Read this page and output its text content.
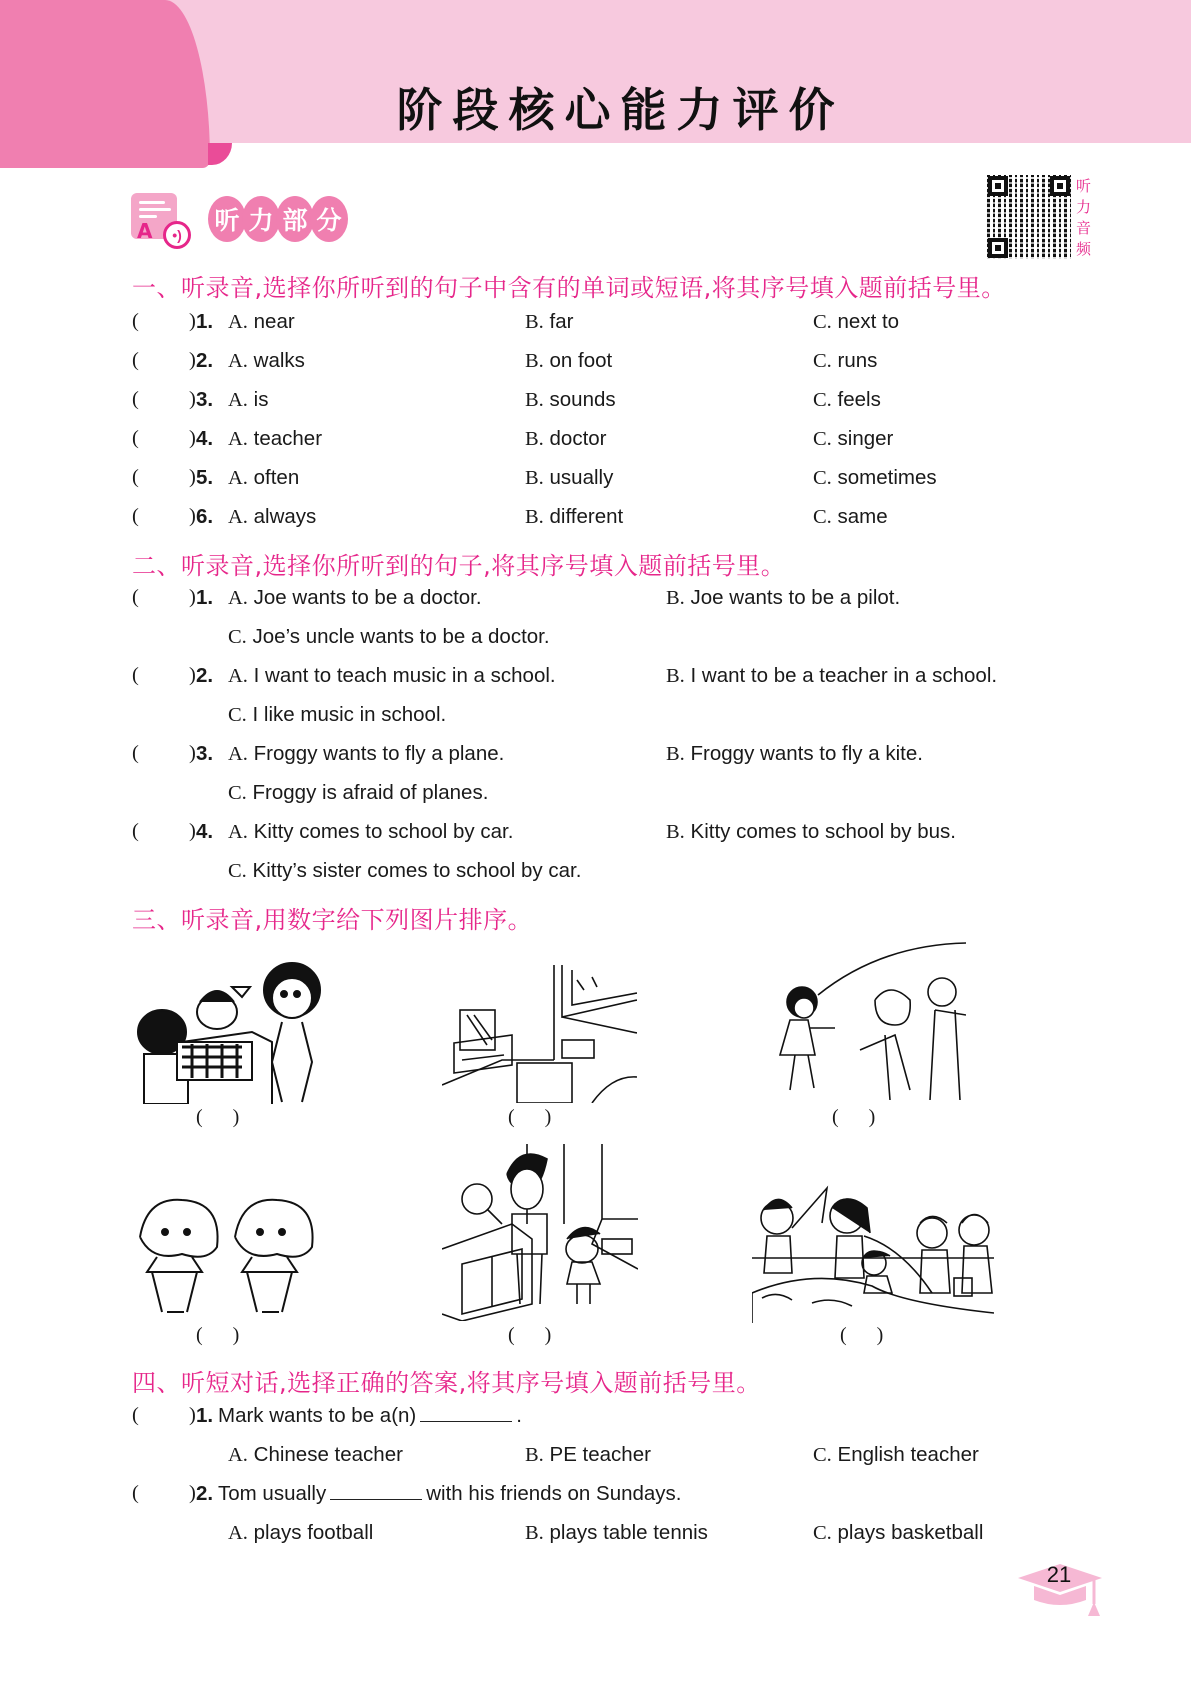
阶段核心能力评价
A	•)	听 力 部 分
听
力
音
频
一、听录音,选择你所听到的句子中含有的单词或短语,将其序号填入题前括号里。
( ) 1. A. near	B. far	C. next to
( ) 2. A. walks	B. on foot	C. runs
( ) 3. A. is	B. sounds	C. feels
( ) 4. A. teacher	B. doctor	C. singer
( ) 5. A. often	B. usually	C. sometimes
( ) 6. A. always	B. different	C. same
二、听录音,选择你所听到的句子,将其序号填入题前括号里。
( ) 1. A. Joe wants to be a doctor.	B. Joe wants to be a pilot.
C. Joe’s uncle wants to be a doctor.
( ) 2. A. I want to teach music in a school.	B. I want to be a teacher in a school.
C. I like music in school.
( ) 3. A. Froggy wants to fly a plane.	B. Froggy wants to fly a kite.
C. Froggy is afraid of planes.
( ) 4. A. Kitty comes to school by car.	B. Kitty comes to school by bus.
C. Kitty’s sister comes to school by car.
三、听录音,用数字给下列图片排序。
(      )	(      )	(      )
(      )	(      )	(      )
四、听短对话,选择正确的答案,将其序号填入题前括号里。
( ) 1. Mark wants to be a(n)	.
A. Chinese teacher	B. PE teacher	C. English teacher
( ) 2. Tom usually	with his friends on Sundays.
A. plays football	B. plays table tennis	C. plays basketball
21
